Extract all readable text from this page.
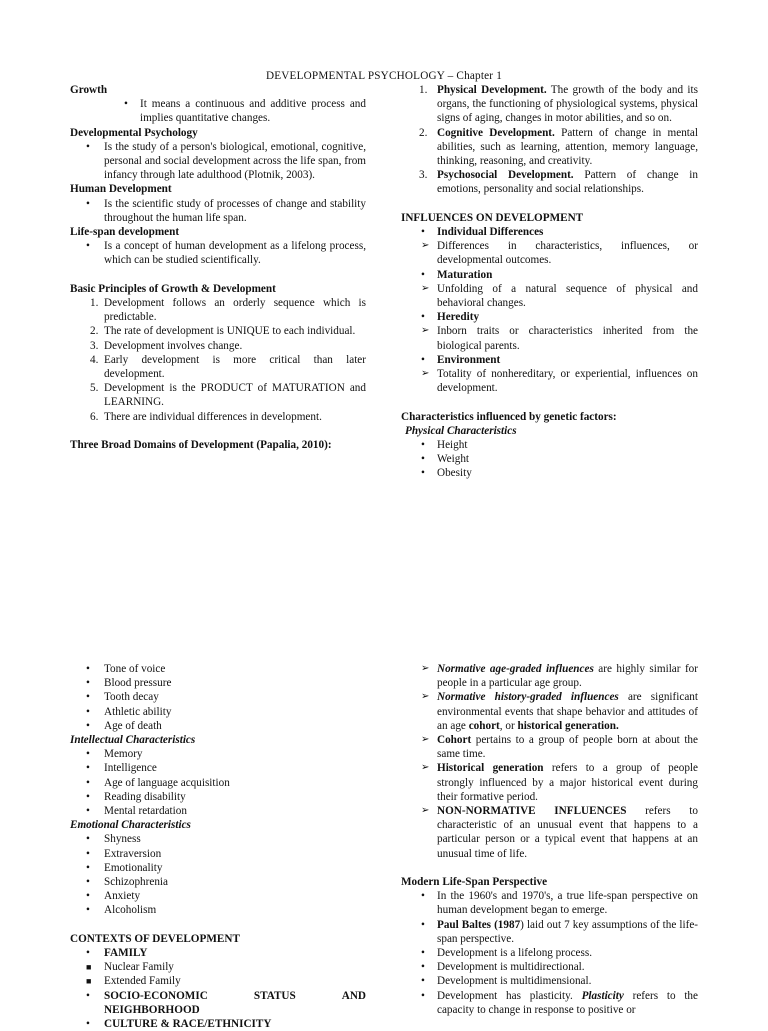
DEVELOPMENTAL PSYCHOLOGY – Chapter 1

Growth

•	It means a continuous and additive process and implies quantitative changes.

Developmental Psychology

•	Is the study of a person's biological, emotional, cognitive, personal and social development across the life span, from infancy through late adulthood (Plotnik, 2003).

Human Development

•	Is the scientific study of processes of change and stability throughout the human life span.

Life-span development

•	Is a concept of human development as a lifelong process, which can be studied scientifically.

Basic Principles of Growth & Development

1. Development follows an orderly sequence which is predictable.
2. The rate of development is UNIQUE to each individual.
3. Development involves change.
4. Early development is more critical than later development.
5. Development is the PRODUCT of MATURATION and LEARNING.
6. There are individual differences in development.

Three Broad Domains of Development (Papalia, 2010):

1. Physical Development. The growth of the body and its organs, the functioning of physiological systems, physical signs of aging, changes in motor abilities, and so on.
2. Cognitive Development. Pattern of change in mental abilities, such as learning, attention, memory language, thinking, reasoning, and creativity.
3. Psychosocial Development. Pattern of change in emotions, personality and social relationships.

INFLUENCES ON DEVELOPMENT

•	Individual Differences
➢ Differences in characteristics, influences, or developmental outcomes.
•	Maturation
➢ Unfolding of a natural sequence of physical and behavioral changes.
•	Heredity
➢ Inborn traits or characteristics inherited from the biological parents.
•	Environment
➢ Totality of nonhereditary, or experiential, influences on development.

Characteristics influenced by genetic factors:

Physical Characteristics

•	Height
•	Weight
•	Obesity
•	Tone of voice
•	Blood pressure
•	Tooth decay
•	Athletic ability
•	Age of death

Intellectual Characteristics

•	Memory
•	Intelligence
•	Age of language acquisition
•	Reading disability
•	Mental retardation

Emotional Characteristics

•	Shyness
•	Extraversion
•	Emotionality
•	Schizophrenia
•	Anxiety
•	Alcoholism

CONTEXTS OF DEVELOPMENT

•	FAMILY
■	Nuclear Family
■	Extended Family
•	SOCIO-ECONOMIC	STATUS	AND
NEIGHBORHOOD
•	CULTURE & RACE/ETHNICITY
➢ Normative age-graded influences are highly similar for people in a particular age group.
➢ Normative history-graded influences are significant environmental events that shape behavior and attitudes of an age cohort, or historical generation.
➢ Cohort pertains to a group of people born at about the same time.
➢ Historical generation refers to a group of people strongly influenced by a major historical event during their formative period.
➢ NON-NORMATIVE INFLUENCES refers to characteristic of an unusual event that happens to a particular person or a typical event that happens at an unusual time of life.

Modern Life-Span Perspective

•	In the 1960's and 1970's, a true life-span perspective on human development began to emerge.
•	Paul Baltes (1987) laid out 7 key assumptions of the life-span perspective.
•	Development is a lifelong process.
•	Development is multidirectional.
•	Development is multidimensional.
•	Development has plasticity. Plasticity refers to the capacity to change in response to positive or
